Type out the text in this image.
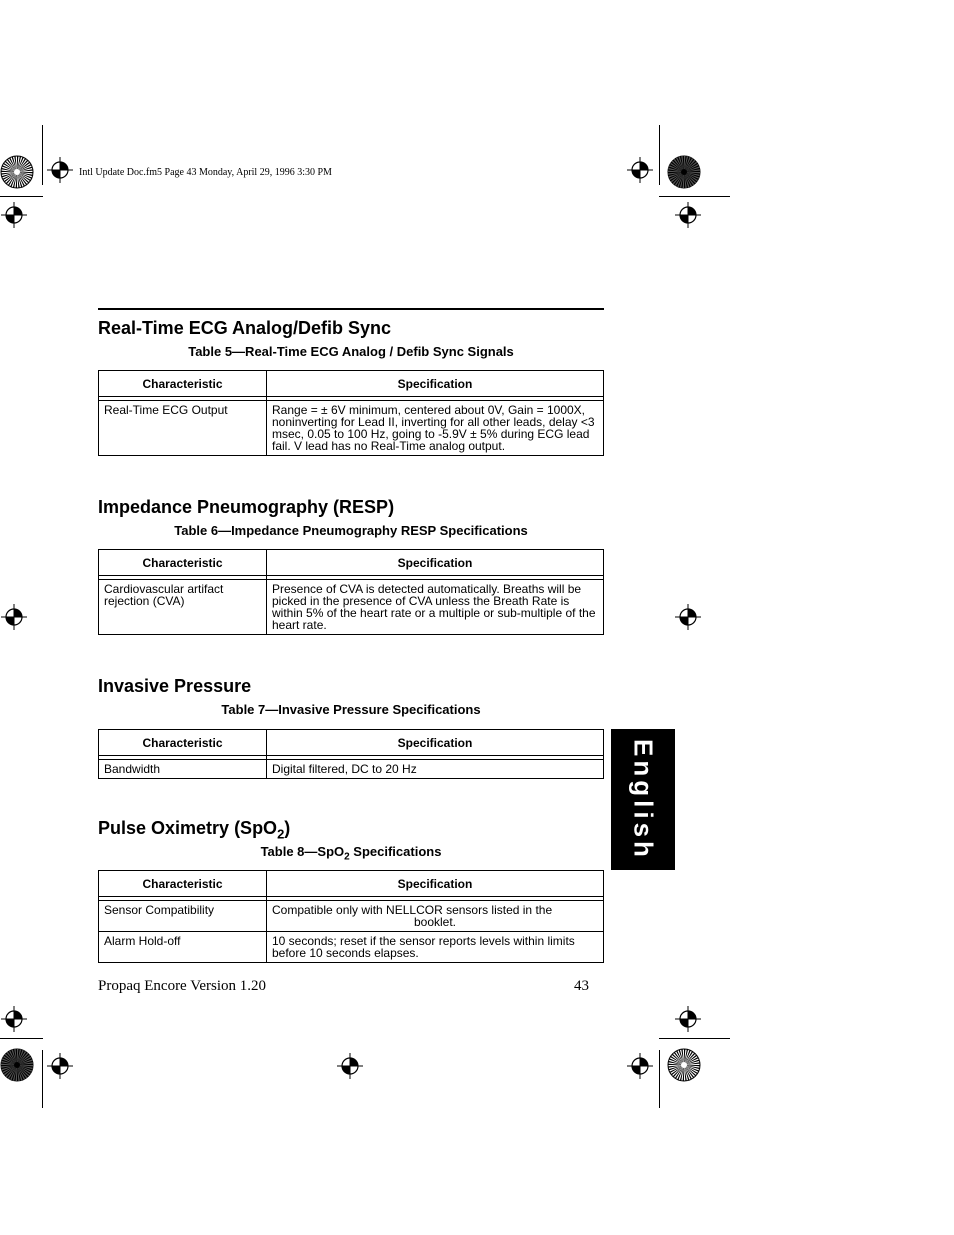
Intl Update Doc.fm5 Page 43 Monday, April 29, 1996 3:30 PM
Real-Time ECG Analog/Defib Sync
Table 5—Real-Time ECG Analog / Defib Sync Signals
Characteristic	Specification

Real-Time ECG Output	Range = ± 6V minimum, centered about 0V, Gain = 1000X, noninverting for Lead II, inverting for all other leads, delay <3 msec, 0.05 to 100 Hz, going to -5.9V ± 5% during ECG lead fail. V lead has no Real-Time analog output.
Impedance Pneumography (RESP)
Table 6—Impedance Pneumography RESP Specifications
Characteristic	Specification

Cardiovascular artifact rejection (CVA)	Presence of CVA is detected automatically. Breaths will be picked in the presence of CVA unless the Breath Rate is within 5% of the heart rate or a multiple or sub-multiple of the heart rate.
Invasive Pressure
Table 7—Invasive Pressure Specifications
Characteristic	Specification

Bandwidth	Digital filtered, DC to 20 Hz
Pulse Oximetry (SpO$_2$)
Table 8—SpO$_2$ Specifications
Characteristic	Specification

Sensor Compatibility	Compatible only with NELLCOR sensors listed in the
booklet.

Alarm Hold-off	10 seconds; reset if the sensor reports levels within limits before 10 seconds elapses.
Propaq Encore Version 1.20	43
English
